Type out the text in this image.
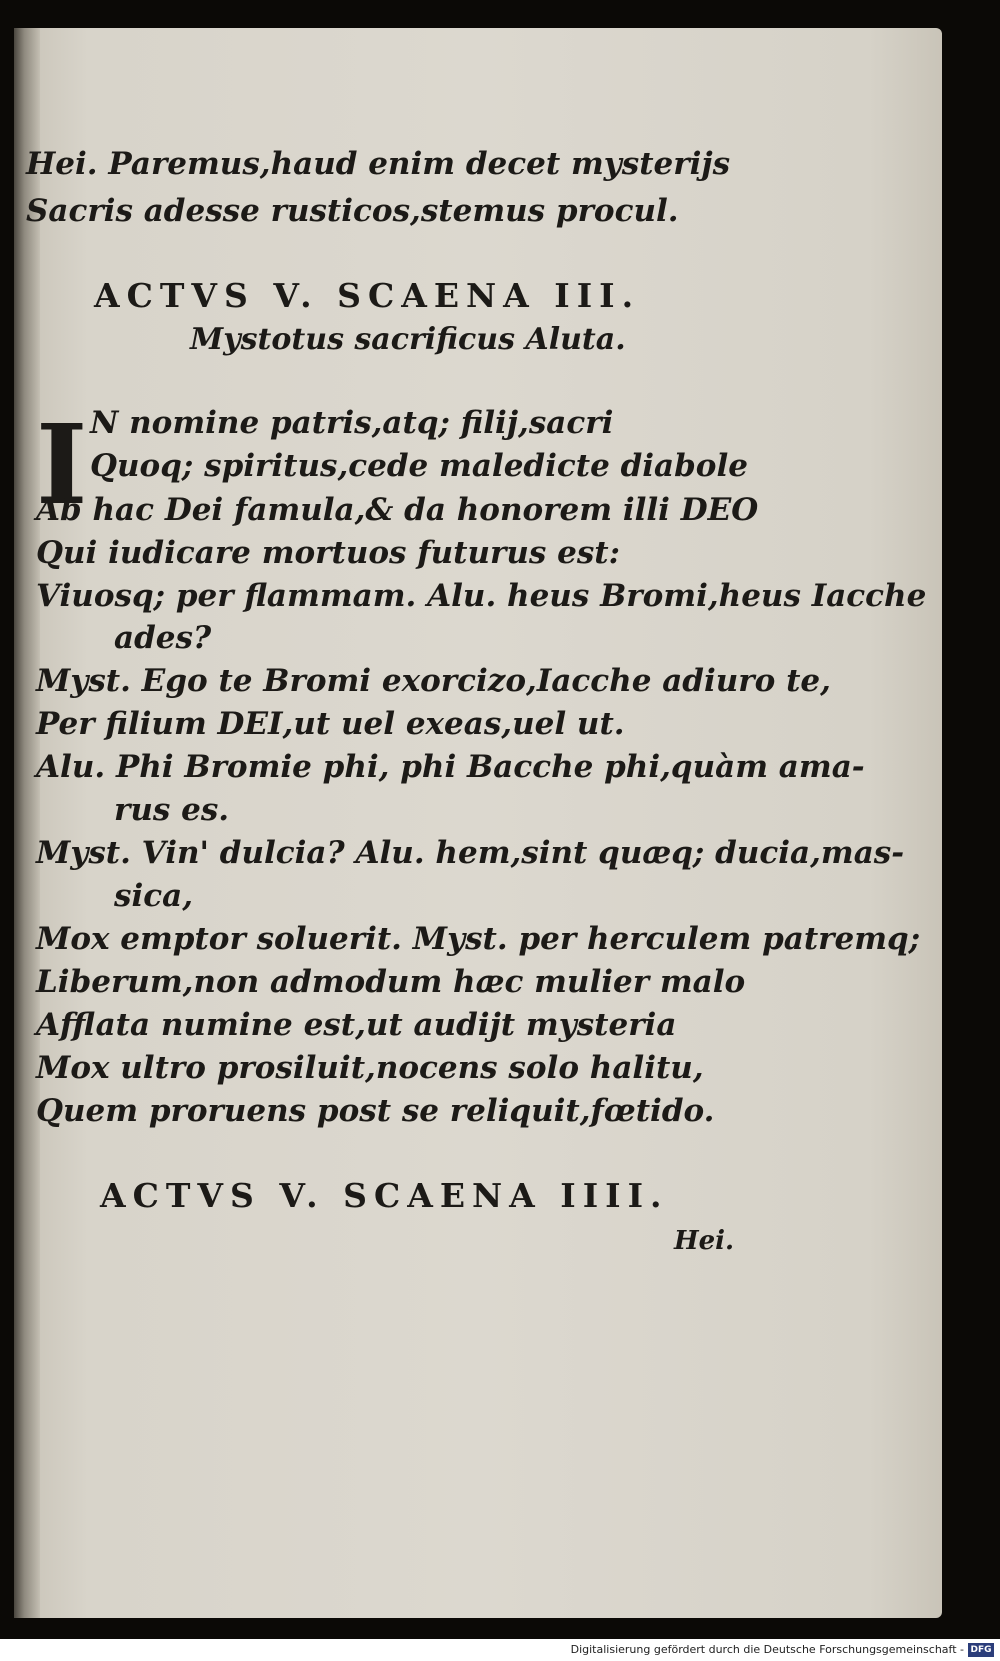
Hei. Paremus,haud enim decet mysterijs
Sacris adesse rusticos,stemus procul.
ACTVS V. SCAENA III.
Mystotus sacrificus Aluta.
I N nomine patris,atq; filij,sacri
Quoq; spiritus,cede maledicte diabole
Ab hac Dei famula,& da honorem illi DEO
Qui iudicare mortuos futurus est:
Viuosq; per flammam. Alu. heus Bromi,heus Iacche
ades?
Myst. Ego te Bromi exorcizo,Iacche adiuro te,
Per filium DEI,ut uel exeas,uel ut.
Alu. Phi Bromie phi, phi Bacche phi,quàm ama-
rus es.
Myst. Vin' dulcia? Alu. hem,sint quæq; ducia,mas-
sica,
Mox emptor soluerit. Myst. per herculem patremq;
Liberum,non admodum hæc mulier malo
Afflata numine est,ut audijt mysteria
Mox ultro prosiluit,nocens solo halitu,
Quem proruens post se reliquit,fœtido.
ACTVS V. SCAENA IIII.
Hei.
Digitalisierung gefördert durch die Deutsche Forschungsgemeinschaft - DFG
